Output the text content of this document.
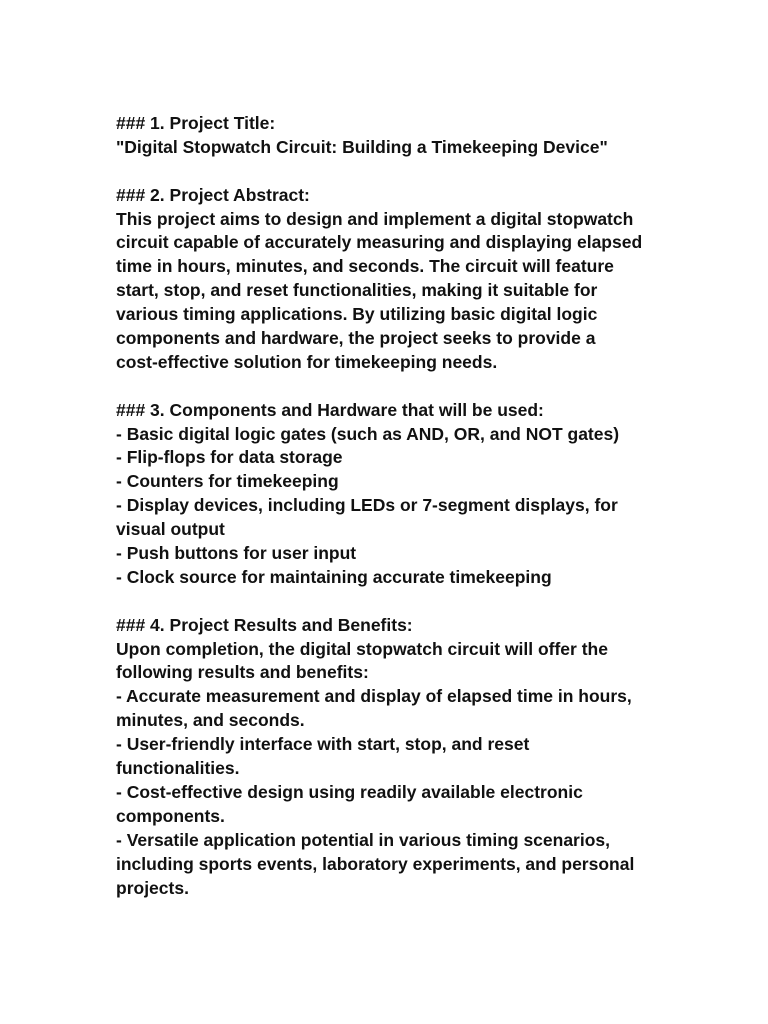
### 1. Project Title:
"Digital Stopwatch Circuit: Building a Timekeeping Device"
### 2. Project Abstract:
This project aims to design and implement a digital stopwatch
circuit capable of accurately measuring and displaying elapsed
time in hours, minutes, and seconds. The circuit will feature
start, stop, and reset functionalities, making it suitable for
various timing applications. By utilizing basic digital logic
components and hardware, the project seeks to provide a
cost-effective solution for timekeeping needs.
### 3. Components and Hardware that will be used:
- Basic digital logic gates (such as AND, OR, and NOT gates)
- Flip-flops for data storage
- Counters for timekeeping
- Display devices, including LEDs or 7-segment displays, for
visual output
- Push buttons for user input
- Clock source for maintaining accurate timekeeping
### 4. Project Results and Benefits:
Upon completion, the digital stopwatch circuit will offer the
following results and benefits:
- Accurate measurement and display of elapsed time in hours,
minutes, and seconds.
- User-friendly interface with start, stop, and reset
functionalities.
- Cost-effective design using readily available electronic
components.
- Versatile application potential in various timing scenarios,
including sports events, laboratory experiments, and personal
projects.
